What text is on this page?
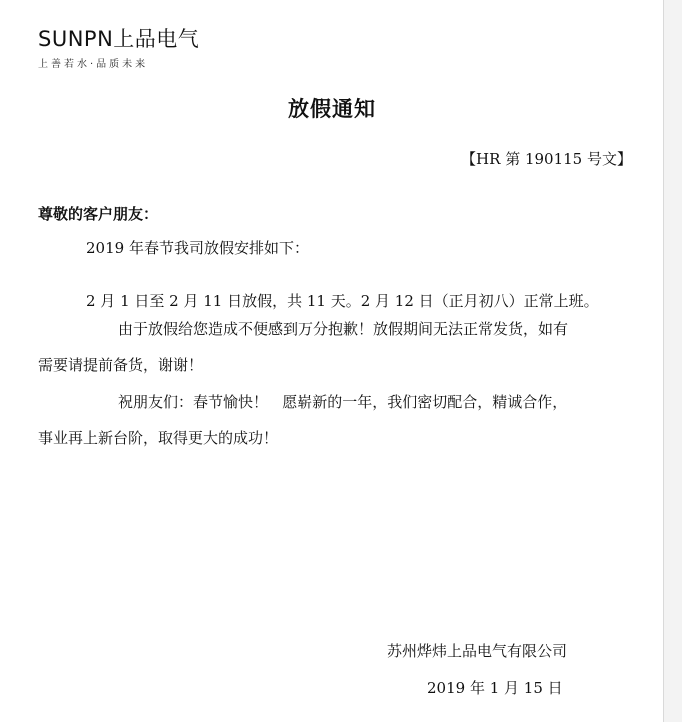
SUNPN上品电气
上善若水·品质未来
放假通知
【HR 第 190115 号文】
尊敬的客户朋友：
2019 年春节我司放假安排如下：
2 月 1 日至 2 月 11 日放假，共 11 天。2 月 12 日（正月初八）正常上班。
由于放假给您造成不便感到万分抱歉！放假期间无法正常发货，如有
需要请提前备货，谢谢！
祝朋友们：春节愉快！   愿崭新的一年，我们密切配合，精诚合作，
事业再上新台阶，取得更大的成功！
苏州烨炜上品电气有限公司
2019 年 1 月 15 日
